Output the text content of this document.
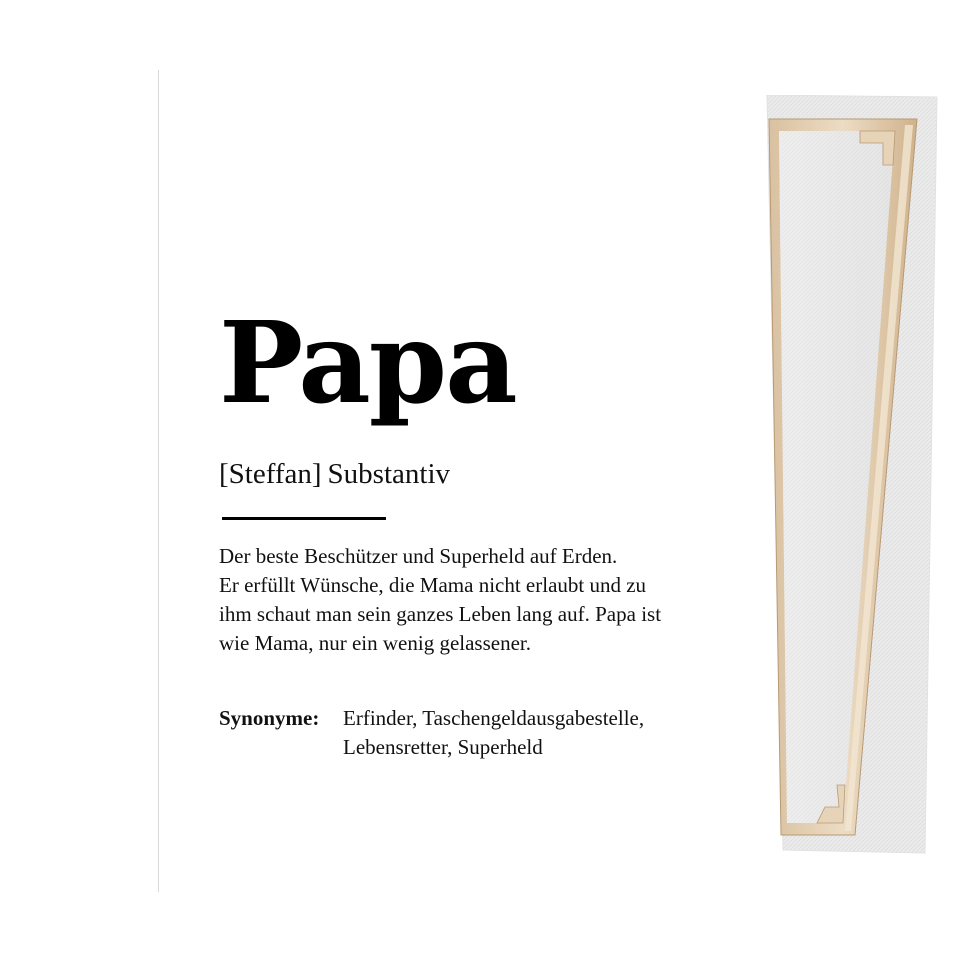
Papa
[Steffan] Substantiv
Der beste Beschützer und Superheld auf Erden.
Er erfüllt Wünsche, die Mama nicht erlaubt und zu
ihm schaut man sein ganzes Leben lang auf. Papa ist
wie Mama, nur ein wenig gelassener.
Synonyme:	Erfinder, Taschengeldausgabestelle,
Lebensretter, Superheld
